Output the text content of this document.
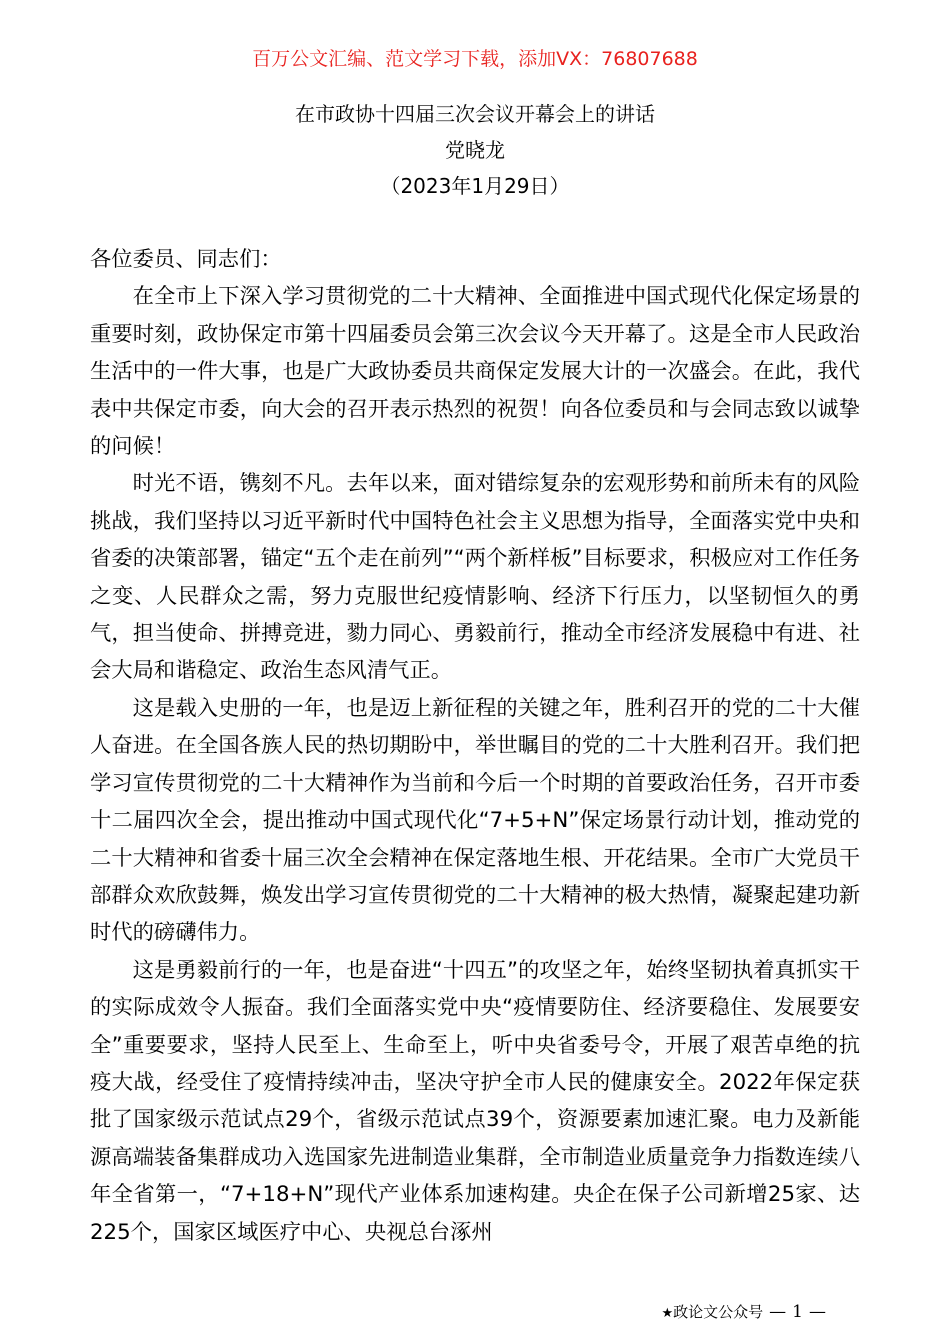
百万公文汇编、范文学习下载，添加VX：76807688
在市政协十四届三次会议开幕会上的讲话
党晓龙
（2023年1月29日）

各位委员、同志们：

在全市上下深入学习贯彻党的二十大精神、全面推进中国式现代化保定场景的重要时刻，政协保定市第十四届委员会第三次会议今天开幕了。这是全市人民政治生活中的一件大事，也是广大政协委员共商保定发展大计的一次盛会。在此，我代表中共保定市委，向大会的召开表示热烈的祝贺！向各位委员和与会同志致以诚挚的问候！

时光不语，镌刻不凡。去年以来，面对错综复杂的宏观形势和前所未有的风险挑战，我们坚持以习近平新时代中国特色社会主义思想为指导，全面落实党中央和省委的决策部署，锚定“五个走在前列”“两个新样板”目标要求，积极应对工作任务之变、人民群众之需，努力克服世纪疫情影响、经济下行压力，以坚韧恒久的勇气，担当使命、拼搏竞进，勠力同心、勇毅前行，推动全市经济发展稳中有进、社会大局和谐稳定、政治生态风清气正。

这是载入史册的一年，也是迈上新征程的关键之年，胜利召开的党的二十大催人奋进。在全国各族人民的热切期盼中，举世瞩目的党的二十大胜利召开。我们把学习宣传贯彻党的二十大精神作为当前和今后一个时期的首要政治任务，召开市委十二届四次全会，提出推动中国式现代化“7+5+N”保定场景行动计划，推动党的二十大精神和省委十届三次全会精神在保定落地生根、开花结果。全市广大党员干部群众欢欣鼓舞，焕发出学习宣传贯彻党的二十大精神的极大热情，凝聚起建功新时代的磅礴伟力。

这是勇毅前行的一年，也是奋进“十四五”的攻坚之年，始终坚韧执着真抓实干的实际成效令人振奋。我们全面落实党中央“疫情要防住、经济要稳住、发展要安全”重要要求，坚持人民至上、生命至上，听中央省委号令，开展了艰苦卓绝的抗疫大战，经受住了疫情持续冲击，坚决守护全市人民的健康安全。2022年保定获批了国家级示范试点29个，省级示范试点39个，资源要素加速汇聚。电力及新能源高端装备集群成功入选国家先进制造业集群，全市制造业质量竞争力指数连续八年全省第一，“7+18+N”现代产业体系加速构建。央企在保子公司新增25家、达225个，国家区域医疗中心、央视总台涿州

★政论文公众号 — 1 —
